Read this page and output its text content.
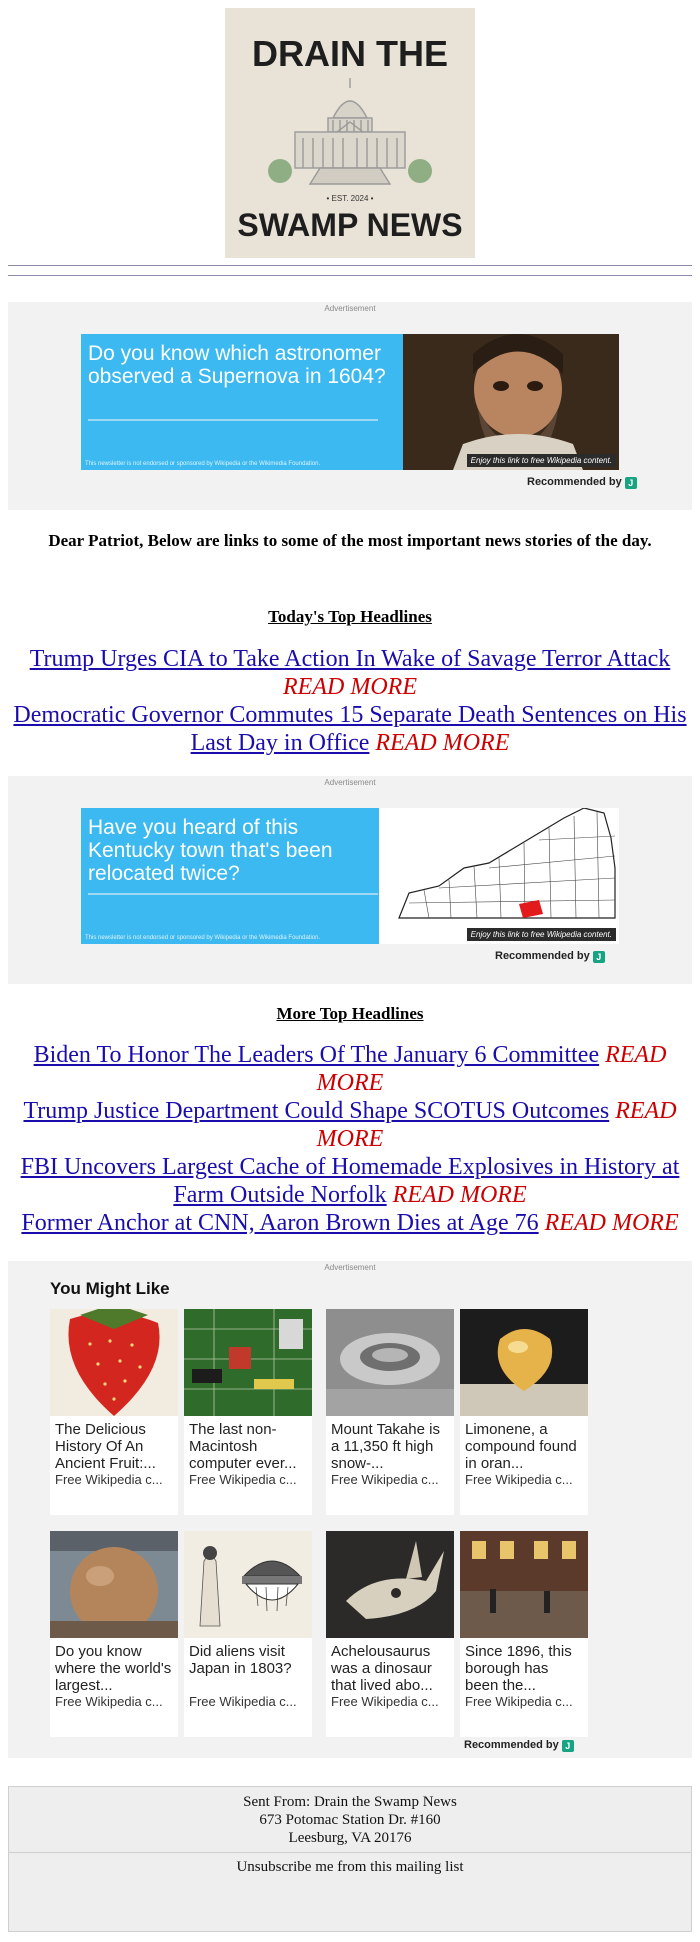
DRAIN THE
• EST. 2024 •
SWAMP NEWS
Advertisement
Do you know which astronomer observed a Supernova in 1604?
This newsletter is not endorsed or sponsored by Wikipedia or the Wikimedia Foundation.	Enjoy this link to free Wikipedia content.
Recommended by J
Dear Patriot, Below are links to some of the most important news stories of the day.
Today's Top Headlines
Trump Urges CIA to Take Action In Wake of Savage Terror Attack
READ MORE
Democratic Governor Commutes 15 Separate Death Sentences on His Last Day in Office READ MORE
Advertisement
Have you heard of this Kentucky town that's been relocated twice?
This newsletter is not endorsed or sponsored by Wikipedia or the Wikimedia Foundation.	Enjoy this link to free Wikipedia content.
Recommended by J
More Top Headlines
Biden To Honor The Leaders Of The January 6 Committee READ MORE
Trump Justice Department Could Shape SCOTUS Outcomes READ MORE
FBI Uncovers Largest Cache of Homemade Explosives in History at Farm Outside Norfolk READ MORE
Former Anchor at CNN, Aaron Brown Dies at Age 76 READ MORE
Advertisement
You Might Like
The Delicious History Of An Ancient Fruit:...
Free Wikipedia c...
The last non-Macintosh computer ever...
Free Wikipedia c...
Mount Takahe is a 11,350 ft high snow-...
Free Wikipedia c...
Limonene, a compound found in oran...
Free Wikipedia c...
Do you know where the world's largest...
Free Wikipedia c...
Did aliens visit Japan in 1803?
Free Wikipedia c...
Achelousaurus was a dinosaur that lived abo...
Free Wikipedia c...
Since 1896, this borough has been the...
Free Wikipedia c...
Recommended by J
Sent From: Drain the Swamp News
673 Potomac Station Dr. #160
Leesburg, VA 20176
Unsubscribe me from this mailing list
